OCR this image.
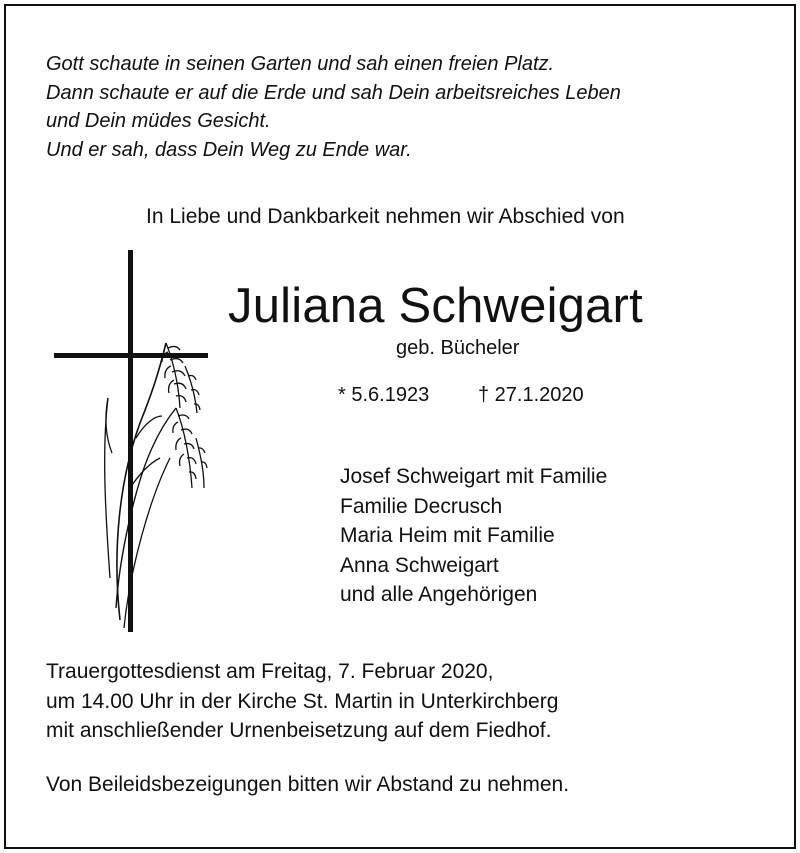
Gott schaute in seinen Garten und sah einen freien Platz.
Dann schaute er auf die Erde und sah Dein arbeitsreiches Leben
und Dein müdes Gesicht.
Und er sah, dass Dein Weg zu Ende war.
In Liebe und Dankbarkeit nehmen wir Abschied von
Juliana Schweigart
geb. Bücheler
* 5.6.1923 † 27.1.2020
Josef Schweigart mit Familie
Familie Decrusch
Maria Heim mit Familie
Anna Schweigart
und alle Angehörigen
Trauergottesdienst am Freitag, 7. Februar 2020,
um 14.00 Uhr in der Kirche St. Martin in Unterkirchberg
mit anschließender Urnenbeisetzung auf dem Fiedhof.
Von Beileidsbezeigungen bitten wir Abstand zu nehmen.
